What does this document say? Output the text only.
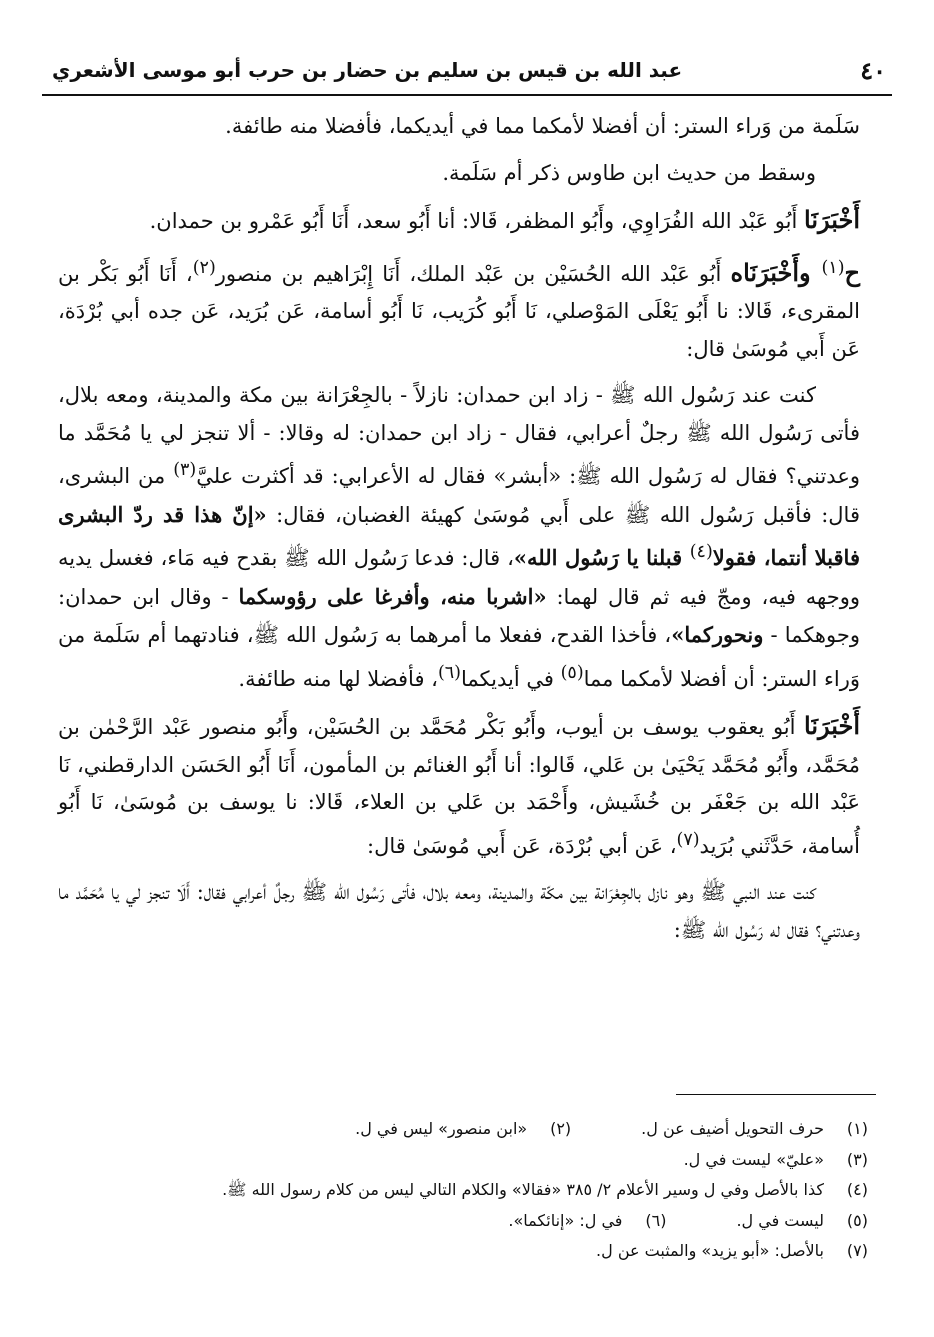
٤٠
عبد الله بن قيس بن سليم بن حضار بن حرب أبو موسى الأشعري

سَلَمة من وَراء الستر: أن أفضلا لأمكما مما في أيديكما، فأفضلا منه طائفة.

وسقط من حديث ابن طاوس ذكر أم سَلَمة.

أَخْبَرَنَا أَبُو عَبْد الله الفُرَاوِي، وأَبُو المظفر، قَالا: أنا أَبُو سعد، أَنَا أَبُو عَمْرو بن حمدان.

ح$^{(١)}$ وأَخْبَرَنَاه أَبُو عَبْد الله الحُسَيْن بن عَبْد الملك، أَنَا إِبْرَاهيم بن منصور$^{(٢)}$، أَنَا أَبُو بَكْر بن المقرىء، قَالا: نا أَبُو يَعْلَى المَوْصلي، نَا أَبُو كُرَيب، نَا أَبُو أسامة، عَن بُرَيد، عَن جده أبي بُرْدَة، عَن أَبي مُوسَىٰ قال:

كنت عند رَسُول الله ﷺ - زاد ابن حمدان: نازلاً - بالجِعْرَانة بين مكة والمدينة، ومعه بلال، فأتى رَسُول الله ﷺ رجلٌ أعرابي، فقال - زاد ابن حمدان: له وقالا: - ألا تنجز لي يا مُحَمَّد ما وعدتني؟ فقال له رَسُول الله ﷺ: «أبشر» فقال له الأعرابي: قد أكثرت عليَّ$^{(٣)}$ من البشرى، قال: فأقبل رَسُول الله ﷺ على أَبي مُوسَىٰ كهيئة الغضبان، فقال: «إنّ هذا قد ردّ البشرى فاقبلا أنتما، فقولا$^{(٤)}$ قبلنا يا رَسُول الله»، قال: فدعا رَسُول الله ﷺ بقدح فيه مَاء، فغسل يديه ووجهه فيه، ومجّ فيه ثم قال لهما: «اشربا منه، وأفرغا على رؤوسكما - وقال ابن حمدان: وجوهكما - ونحوركما»، فأخذا القدح، ففعلا ما أمرهما به رَسُول الله ﷺ، فنادتهما أم سَلَمة من وَراء الستر: أن أفضلا لأمكما مما$^{(٥)}$ في أيديكما$^{(٦)}$، فأفضلا لها منه طائفة.

أَخْبَرَنَا أَبُو يعقوب يوسف بن أيوب، وأَبُو بَكْر مُحَمَّد بن الحُسَيْن، وأَبُو منصور عَبْد الرَّحْمٰن بن مُحَمَّد، وأَبُو مُحَمَّد يَحْيَىٰ بن عَلي، قَالوا: أنا أَبُو الغنائم بن المأمون، أَنَا أَبُو الحَسَن الدارقطني، نَا عَبْد الله بن جَعْفَر بن خُشَيش، وأَحْمَد بن عَلي بن العلاء، قَالا: نا يوسف بن مُوسَىٰ، نَا أَبُو أُسامة، حَدَّثَني بُرَيد$^{(٧)}$، عَن أبي بُرْدَة، عَن أَبي مُوسَىٰ قال:

كنت عند النبي ﷺ وهو نازل بالجِعْرَانة بين مكّة والمدينة، ومعه بلال، فأتى رَسُول الله ﷺ رجلٌ أعرابي فقال: أَلَا تنجز لي يا مُحَمَّد ما وعدتني؟ فقال له رَسُول الله ﷺ:

(١)
حرف التحويل أضيف عن ل.
(٢)
«ابن منصور» ليس في ل.
(٣)
«عليّ» ليست في ل.
(٤)
كذا بالأصل وفي ل وسير الأعلام ٢/ ٣٨٥ «فقالا» والكلام التالي ليس من كلام رسول الله ﷺ.
(٥)
ليست في ل.
(٦)
في ل: «إنائكما».
(٧)
بالأصل: «أبو يزيد» والمثبت عن ل.
